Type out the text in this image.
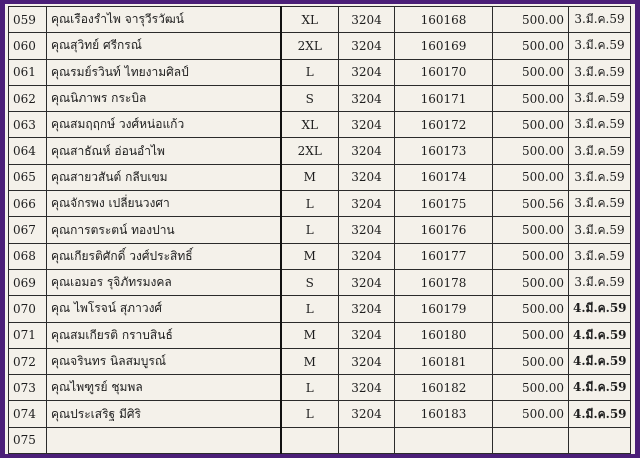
059	คุณเรืองรำไพ จารุวีรวัฒน์	XL	3204	160168	500.00	3.มี.ค.59
060	คุณสุวิทย์ ศรีกรณ์	2XL	3204	160169	500.00	3.มี.ค.59
061	คุณรมย์รวินท์ ไทยงามศิลป์	L	3204	160170	500.00	3.มี.ค.59
062	คุณนิภาพร กระบิล	S	3204	160171	500.00	3.มี.ค.59
063	คุณสมฤฤกษ์ วงศ์หน่อแก้ว	XL	3204	160172	500.00	3.มี.ค.59
064	คุณสาธัณห์ อ่อนอำไพ	2XL	3204	160173	500.00	3.มี.ค.59
065	คุณสายวสันต์ กลีบเขม	M	3204	160174	500.00	3.มี.ค.59
066	คุณจักรพง เปลี่ยนวงศา	L	3204	160175	500.56	3.มี.ค.59
067	คุณการตระตน์ ทองปาน	L	3204	160176	500.00	3.มี.ค.59
068	คุณเกียรติศักดิ์ วงศ์ประสิทธิ์	M	3204	160177	500.00	3.มี.ค.59
069	คุณเอมอร รุจิภัทรมงคล	S	3204	160178	500.00	3.มี.ค.59
070	คุณ ไพโรจน์ สุภาวงศ์	L	3204	160179	500.00	4.มี.ค.59
071	คุณสมเกียรติ กราบสินธ์	M	3204	160180	500.00	4.มี.ค.59
072	คุณจรินทร นิลสมบูรณ์	M	3204	160181	500.00	4.มี.ค.59
073	คุณไพฑูรย์ ชุมพล	L	3204	160182	500.00	4.มี.ค.59
074	คุณประเสริฐ มีศิริ	L	3204	160183	500.00	4.มี.ค.59
075						
